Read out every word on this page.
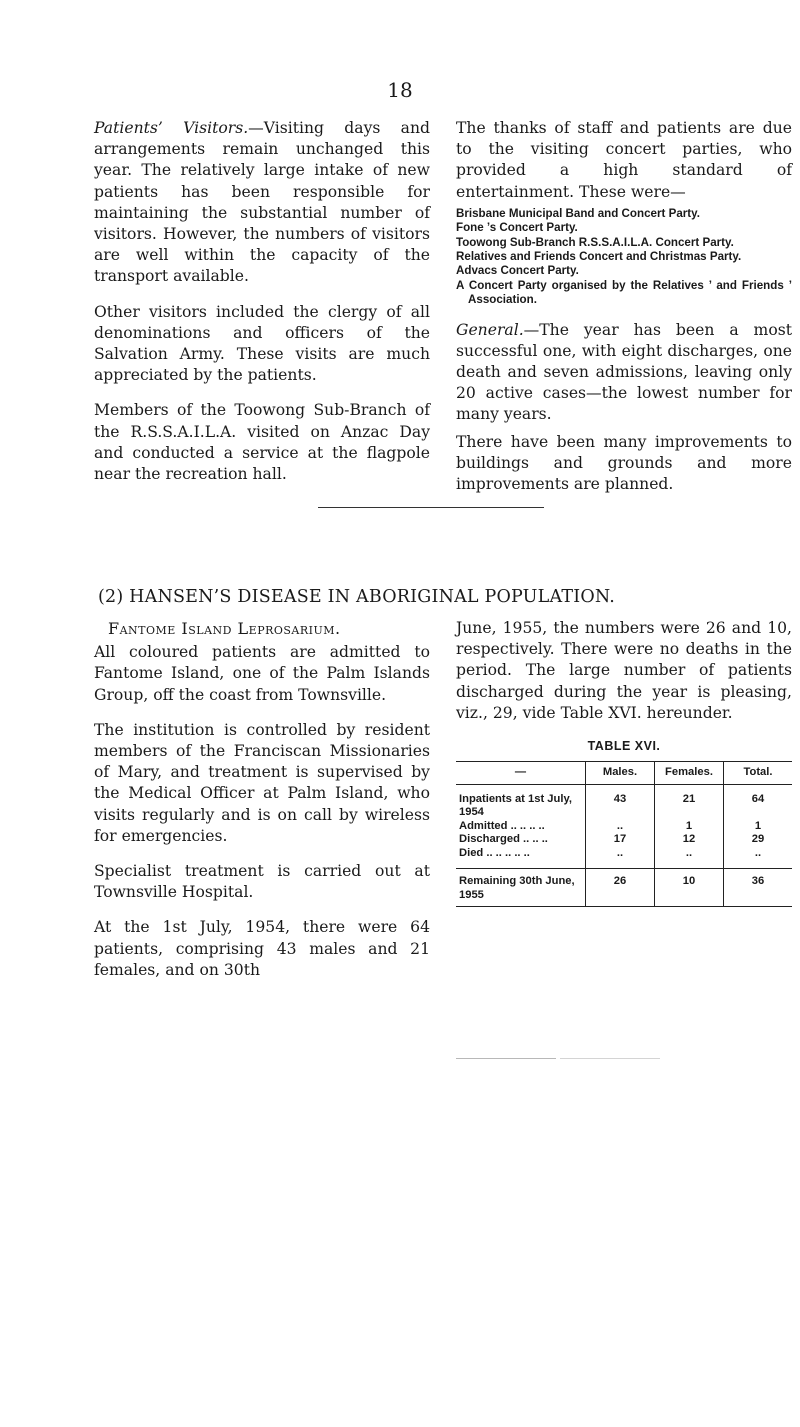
18

Patients’ Visitors.—Visiting days and arrangements remain unchanged this year. The relatively large intake of new patients has been responsible for maintaining the substantial number of visitors. However, the numbers of visitors are well within the capacity of the transport available.

Other visitors included the clergy of all denominations and officers of the Salvation Army. These visits are much appreciated by the patients.

Members of the Toowong Sub-Branch of the R.S.S.A.I.L.A. visited on Anzac Day and conducted a service at the flagpole near the recreation hall.

The thanks of staff and patients are due to the visiting concert parties, who provided a high standard of entertainment. These were—

Brisbane Municipal Band and Concert Party.
Fone ’s Concert Party.
Toowong Sub-Branch R.S.S.A.I.L.A. Concert Party.
Relatives and Friends Concert and Christmas Party.
Advacs Concert Party.
A Concert Party organised by the Relatives ’ and Friends ’ Association.

General.—The year has been a most successful one, with eight discharges, one death and seven admissions, leaving only 20 active cases—the lowest number for many years.

There have been many improvements to buildings and grounds and more improvements are planned.

(2) HANSEN’S DISEASE IN ABORIGINAL POPULATION.

Fantome Island Leprosarium.

All coloured patients are admitted to Fantome Island, one of the Palm Islands Group, off the coast from Townsville.

The institution is controlled by resident members of the Franciscan Missionaries of Mary, and treatment is supervised by the Medical Officer at Palm Island, who visits regularly and is on call by wireless for emergencies.

Specialist treatment is carried out at Townsville Hospital.

At the 1st July, 1954, there were 64 patients, comprising 43 males and 21 females, and on 30th

June, 1955, the numbers were 26 and 10, respectively. There were no deaths in the period. The large number of patients discharged during the year is pleasing, viz., 29, vide Table XVI. hereunder.

TABLE XVI.
—	Males.	Females.	Total.
Inpatients at 1st July, 1954	43	21	64
Admitted .. .. .. ..	..	1	1
Discharged .. .. ..	17	12	29
Died .. .. .. .. ..	..	..	..
Remaining 30th June, 1955	26	10	36
